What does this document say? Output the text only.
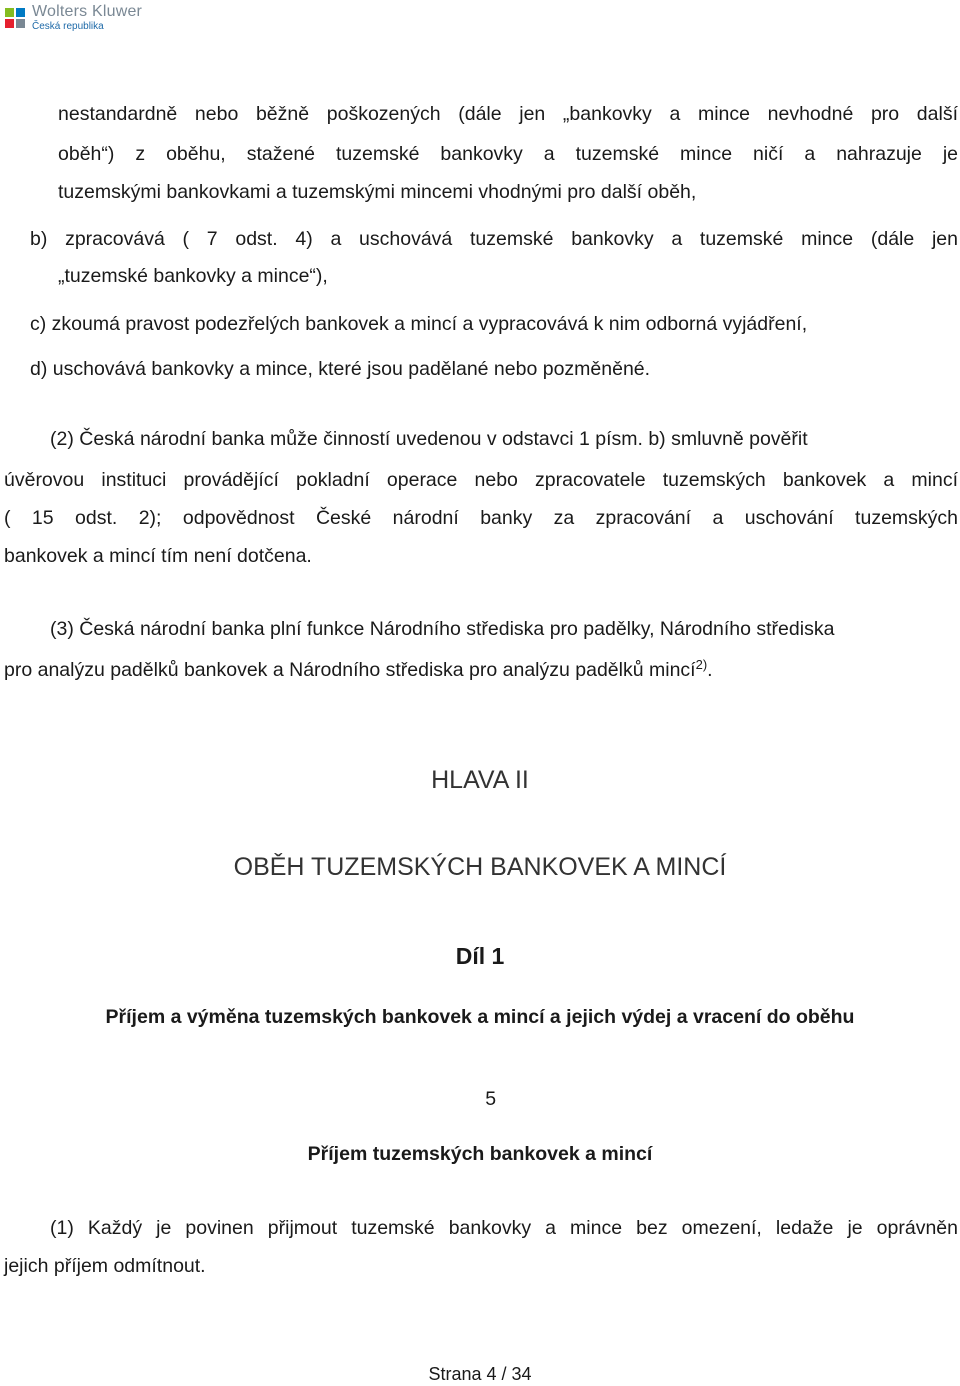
Wolters Kluwer
Česká republika

nestandardně nebo běžně poškozených (dále jen „bankovky a mince nevhodné pro další

oběh“) z oběhu, stažené tuzemské bankovky a tuzemské mince ničí a nahrazuje je

tuzemskými bankovkami a tuzemskými mincemi vhodnými pro další oběh,

b) zpracovává ( 7 odst. 4) a uschovává tuzemské bankovky a tuzemské mince (dále jen

„tuzemské bankovky a mince“),

c) zkoumá pravost podezřelých bankovek a mincí a vypracovává k nim odborná vyjádření,

d) uschovává bankovky a mince, které jsou padělané nebo pozměněné.

(2) Česká národní banka může činností uvedenou v odstavci 1 písm. b) smluvně pověřit

úvěrovou instituci provádějící pokladní operace nebo zpracovatele tuzemských bankovek a mincí

( 15 odst. 2); odpovědnost České národní banky za zpracování a uschování tuzemských

bankovek a mincí tím není dotčena.

(3) Česká národní banka plní funkce Národního střediska pro padělky, Národního střediska

pro analýzu padělků bankovek a Národního střediska pro analýzu padělků mincí$^{2)}$.

HLAVA II

OBĚH TUZEMSKÝCH BANKOVEK A MINCÍ

Díl 1

Příjem a výměna tuzemských bankovek a mincí a jejich výdej a vracení do oběhu

5

Příjem tuzemských bankovek a mincí

(1) Každý je povinen přijmout tuzemské bankovky a mince bez omezení, ledaže je oprávněn

jejich příjem odmítnout.

Strana 4 / 34
